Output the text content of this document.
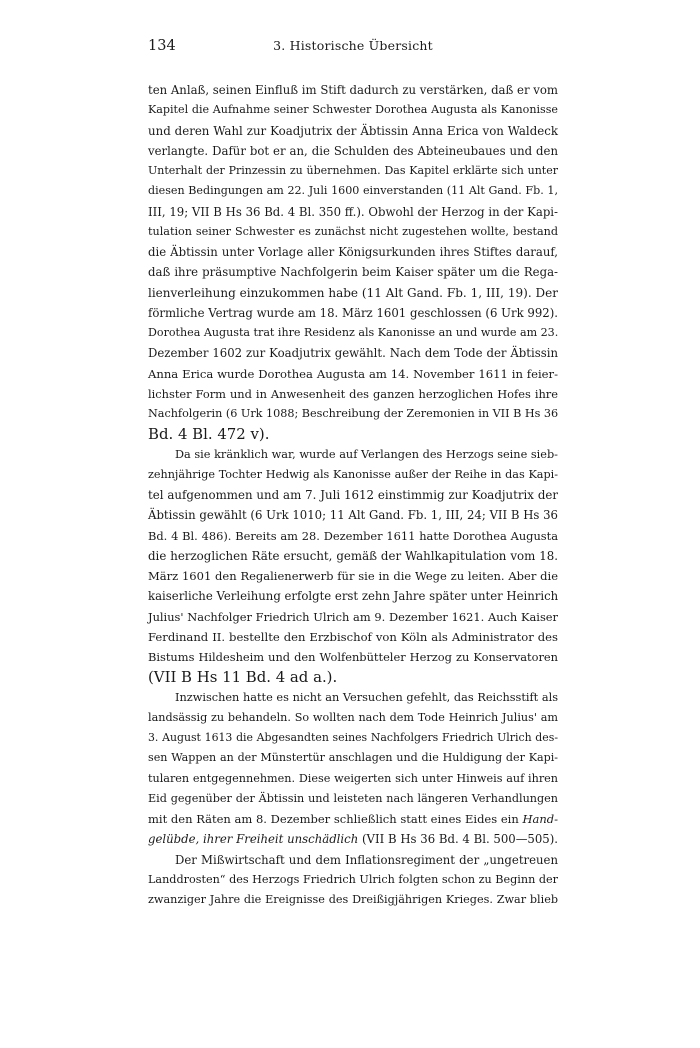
134	3. Historische Übersicht
ten Anlaß, seinen Einfluß im Stift dadurch zu verstärken, daß er vom
Kapitel die Aufnahme seiner Schwester Dorothea Augusta als Kanonisse
und deren Wahl zur Koadjutrix der Äbtissin Anna Erica von Waldeck
verlangte. Dafür bot er an, die Schulden des Abteineubaues und den
Unterhalt der Prinzessin zu übernehmen. Das Kapitel erklärte sich unter
diesen Bedingungen am 22. Juli 1600 einverstanden (11 Alt Gand. Fb. 1,
III, 19; VII B Hs 36 Bd. 4 Bl. 350 ff.). Obwohl der Herzog in der Kapi-
tulation seiner Schwester es zunächst nicht zugestehen wollte, bestand
die Äbtissin unter Vorlage aller Königsurkunden ihres Stiftes darauf,
daß ihre präsumptive Nachfolgerin beim Kaiser später um die Rega-
lienverleihung einzukommen habe (11 Alt Gand. Fb. 1, III, 19). Der
förmliche Vertrag wurde am 18. März 1601 geschlossen (6 Urk 992).
Dorothea Augusta trat ihre Residenz als Kanonisse an und wurde am 23.
Dezember 1602 zur Koadjutrix gewählt. Nach dem Tode der Äbtissin
Anna Erica wurde Dorothea Augusta am 14. November 1611 in feier-
lichster Form und in Anwesenheit des ganzen herzoglichen Hofes ihre
Nachfolgerin (6 Urk 1088; Beschreibung der Zeremonien in VII B Hs 36
Bd. 4 Bl. 472 v).
Da sie kränklich war, wurde auf Verlangen des Herzogs seine sieb-
zehnjährige Tochter Hedwig als Kanonisse außer der Reihe in das Kapi-
tel aufgenommen und am 7. Juli 1612 einstimmig zur Koadjutrix der
Äbtissin gewählt (6 Urk 1010; 11 Alt Gand. Fb. 1, III, 24; VII B Hs 36
Bd. 4 Bl. 486). Bereits am 28. Dezember 1611 hatte Dorothea Augusta
die herzoglichen Räte ersucht, gemäß der Wahlkapitulation vom 18.
März 1601 den Regalienerwerb für sie in die Wege zu leiten. Aber die
kaiserliche Verleihung erfolgte erst zehn Jahre später unter Heinrich
Julius' Nachfolger Friedrich Ulrich am 9. Dezember 1621. Auch Kaiser
Ferdinand II. bestellte den Erzbischof von Köln als Administrator des
Bistums Hildesheim und den Wolfenbütteler Herzog zu Konservatoren
(VII B Hs 11 Bd. 4 ad a.).
Inzwischen hatte es nicht an Versuchen gefehlt, das Reichsstift als
landsässig zu behandeln. So wollten nach dem Tode Heinrich Julius' am
3. August 1613 die Abgesandten seines Nachfolgers Friedrich Ulrich des-
sen Wappen an der Münstertür anschlagen und die Huldigung der Kapi-
tularen entgegennehmen. Diese weigerten sich unter Hinweis auf ihren
Eid gegenüber der Äbtissin und leisteten nach längeren Verhandlungen
mit den Räten am 8. Dezember schließlich statt eines Eides ein Hand-
gelübde, ihrer Freiheit unschädlich (VII B Hs 36 Bd. 4 Bl. 500—505).
Der Mißwirtschaft und dem Inflationsregiment der „ungetreuen
Landdrosten“ des Herzogs Friedrich Ulrich folgten schon zu Beginn der
zwanziger Jahre die Ereignisse des Dreißigjährigen Krieges. Zwar blieb
